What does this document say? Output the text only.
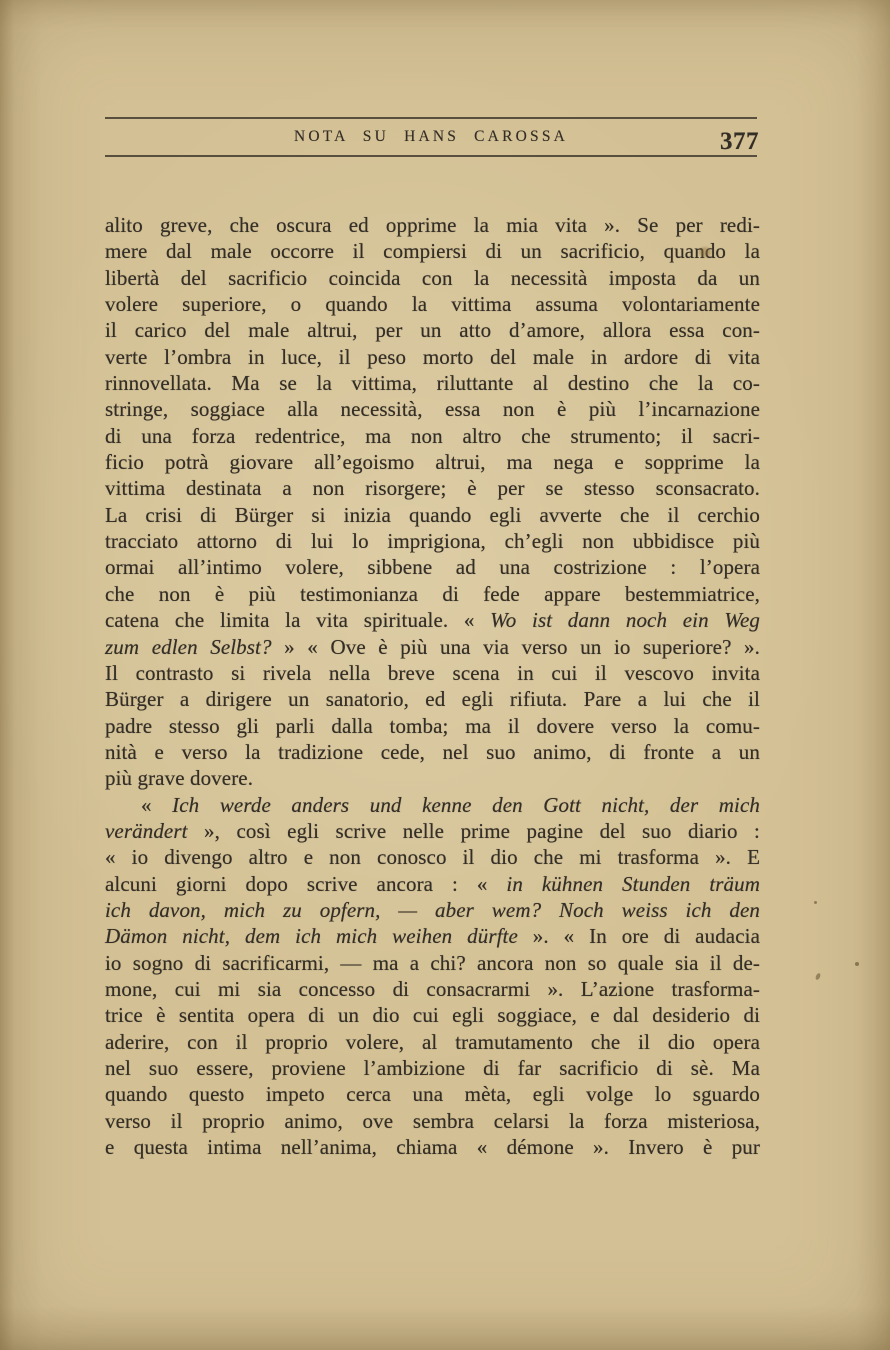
NOTA SU HANS CAROSSA	377
alito greve, che oscura ed opprime la mia vita ». Se per redi-
mere dal male occorre il compiersi di un sacrificio, quando la
libertà del sacrificio coincida con la necessità imposta da un
volere superiore, o quando la vittima assuma volontariamente
il carico del male altrui, per un atto d’amore, allora essa con-
verte l’ombra in luce, il peso morto del male in ardore di vita
rinnovellata. Ma se la vittima, riluttante al destino che la co-
stringe, soggiace alla necessità, essa non è più l’incarnazione
di una forza redentrice, ma non altro che strumento; il sacri-
ficio potrà giovare all’egoismo altrui, ma nega e sopprime la
vittima destinata a non risorgere; è per se stesso sconsacrato.
La crisi di Bürger si inizia quando egli avverte che il cerchio
tracciato attorno di lui lo imprigiona, ch’egli non ubbidisce più
ormai all’intimo volere, sibbene ad una costrizione : l’opera
che non è più testimonianza di fede appare bestemmiatrice,
catena che limita la vita spirituale. « Wo ist dann noch ein Weg
zum edlen Selbst? » « Ove è più una via verso un io superiore? ».
Il contrasto si rivela nella breve scena in cui il vescovo invita
Bürger a dirigere un sanatorio, ed egli rifiuta. Pare a lui che il
padre stesso gli parli dalla tomba; ma il dovere verso la comu-
nità e verso la tradizione cede, nel suo animo, di fronte a un
più grave dovere.
« Ich werde anders und kenne den Gott nicht, der mich
verändert », così egli scrive nelle prime pagine del suo diario :
« io divengo altro e non conosco il dio che mi trasforma ». E
alcuni giorni dopo scrive ancora : « in kühnen Stunden träum
ich davon, mich zu opfern, — aber wem? Noch weiss ich den
Dämon nicht, dem ich mich weihen dürfte ». « In ore di audacia
io sogno di sacrificarmi, — ma a chi? ancora non so quale sia il de-
mone, cui mi sia concesso di consacrarmi ». L’azione trasforma-
trice è sentita opera di un dio cui egli soggiace, e dal desiderio di
aderire, con il proprio volere, al tramutamento che il dio opera
nel suo essere, proviene l’ambizione di far sacrificio di sè. Ma
quando questo impeto cerca una mèta, egli volge lo sguardo
verso il proprio animo, ove sembra celarsi la forza misteriosa,
e questa intima nell’anima, chiama « démone ». Invero è pur
